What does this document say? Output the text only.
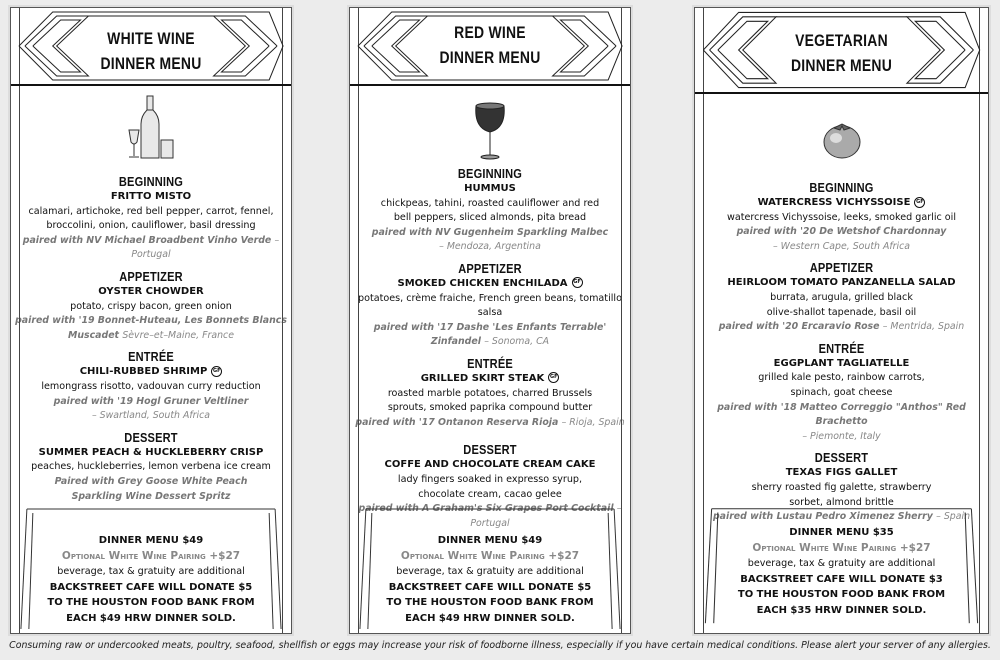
WHITE WINE
DINNER MENU
BEGINNING
FRITTO MISTO
calamari, artichoke, red bell pepper, carrot, fennel,
broccolini, onion, cauliflower, basil dressing
paired with NV Michael Broadbent Vinho Verde – Portugal
APPETIZER
OYSTER CHOWDER
potato, crispy bacon, green onion
paired with '19 Bonnet-Huteau, Les Bonnets Blancs
Muscadet Sèvre–et–Maine, France
ENTRÉE
CHILI-RUBBED SHRIMP GF
lemongrass risotto, vadouvan curry reduction
paired with '19 Hogl Gruner Veltliner
– Swartland, South Africa
DESSERT
SUMMER PEACH & HUCKLEBERRY CRISP
peaches, huckleberries, lemon verbena ice cream
Paired with Grey Goose White Peach
Sparkling Wine Dessert Spritz
DINNER MENU $49
Optional White Wine Pairing +$27
beverage, tax & gratuity are additional
BACKSTREET CAFE WILL DONATE $5
TO THE HOUSTON FOOD BANK FROM
EACH $49 HRW DINNER SOLD.
RED WINE
DINNER MENU
BEGINNING
HUMMUS
chickpeas, tahini, roasted cauliflower and red
bell peppers, sliced almonds, pita bread
paired with NV Gugenheim Sparkling Malbec
– Mendoza, Argentina
APPETIZER
SMOKED CHICKEN ENCHILADA GF
potatoes, crème fraiche, French green beans, tomatillo salsa
paired with '17 Dashe 'Les Enfants Terrable'
Zinfandel – Sonoma, CA
ENTRÉE
GRILLED SKIRT STEAK GF
roasted marble potatoes, charred Brussels
sprouts, smoked paprika compound butter
paired with '17 Ontanon Reserva Rioja – Rioja, Spain
DESSERT
COFFE AND CHOCOLATE CREAM CAKE
lady fingers soaked in expresso syrup,
chocolate cream, cacao gelee
paired with A Graham's Six Grapes Port Cocktail – Portugal
DINNER MENU $49
Optional White Wine Pairing +$27
beverage, tax & gratuity are additional
BACKSTREET CAFE WILL DONATE $5
TO THE HOUSTON FOOD BANK FROM
EACH $49 HRW DINNER SOLD.
VEGETARIAN
DINNER MENU
BEGINNING
WATERCRESS VICHYSSOISE GF
watercress Vichyssoise, leeks, smoked garlic oil
paired with '20 De Wetshof Chardonnay
– Western Cape, South Africa
APPETIZER
HEIRLOOM TOMATO PANZANELLA SALAD
burrata, arugula, grilled black
olive-shallot tapenade, basil oil
paired with '20 Ercaravio Rose – Mentrida, Spain
ENTRÉE
EGGPLANT TAGLIATELLE
grilled kale pesto, rainbow carrots,
spinach, goat cheese
paired with '18 Matteo Correggio "Anthos" Red Brachetto
– Piemonte, Italy
DESSERT
TEXAS FIGS GALLET
sherry roasted fig galette, strawberry
sorbet, almond brittle
paired with Lustau Pedro Ximenez Sherry – Spain
DINNER MENU $35
Optional White Wine Pairing +$27
beverage, tax & gratuity are additional
BACKSTREET CAFE WILL DONATE $3
TO THE HOUSTON FOOD BANK FROM
EACH $35 HRW DINNER SOLD.
Consuming raw or undercooked meats, poultry, seafood, shellfish or eggs may increase your risk of foodborne illness, especially if you have certain medical conditions. Please alert your server of any allergies.
